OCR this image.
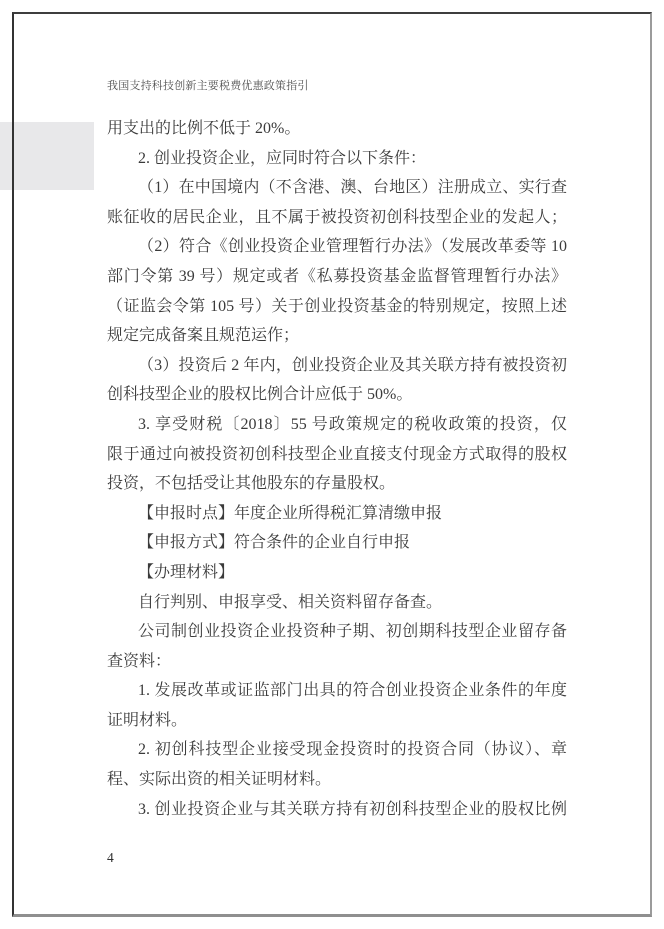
我国支持科技创新主要税费优惠政策指引
用支出的比例不低于 20%。
2. 创业投资企业，应同时符合以下条件：
（1）在中国境内（不含港、澳、台地区）注册成立、实行查
账征收的居民企业，且不属于被投资初创科技型企业的发起人；
（2）符合《创业投资企业管理暂行办法》（发展改革委等 10
部门令第 39 号）规定或者《私募投资基金监督管理暂行办法》
（证监会令第 105 号）关于创业投资基金的特别规定，按照上述
规定完成备案且规范运作；
（3）投资后 2 年内，创业投资企业及其关联方持有被投资初
创科技型企业的股权比例合计应低于 50%。
3. 享受财税〔2018〕55 号政策规定的税收政策的投资，仅
限于通过向被投资初创科技型企业直接支付现金方式取得的股权
投资，不包括受让其他股东的存量股权。
【申报时点】年度企业所得税汇算清缴申报
【申报方式】符合条件的企业自行申报
【办理材料】
自行判别、申报享受、相关资料留存备查。
公司制创业投资企业投资种子期、初创期科技型企业留存备
查资料：
1. 发展改革或证监部门出具的符合创业投资企业条件的年度
证明材料。
2. 初创科技型企业接受现金投资时的投资合同（协议）、章
程、实际出资的相关证明材料。
3. 创业投资企业与其关联方持有初创科技型企业的股权比例
4
